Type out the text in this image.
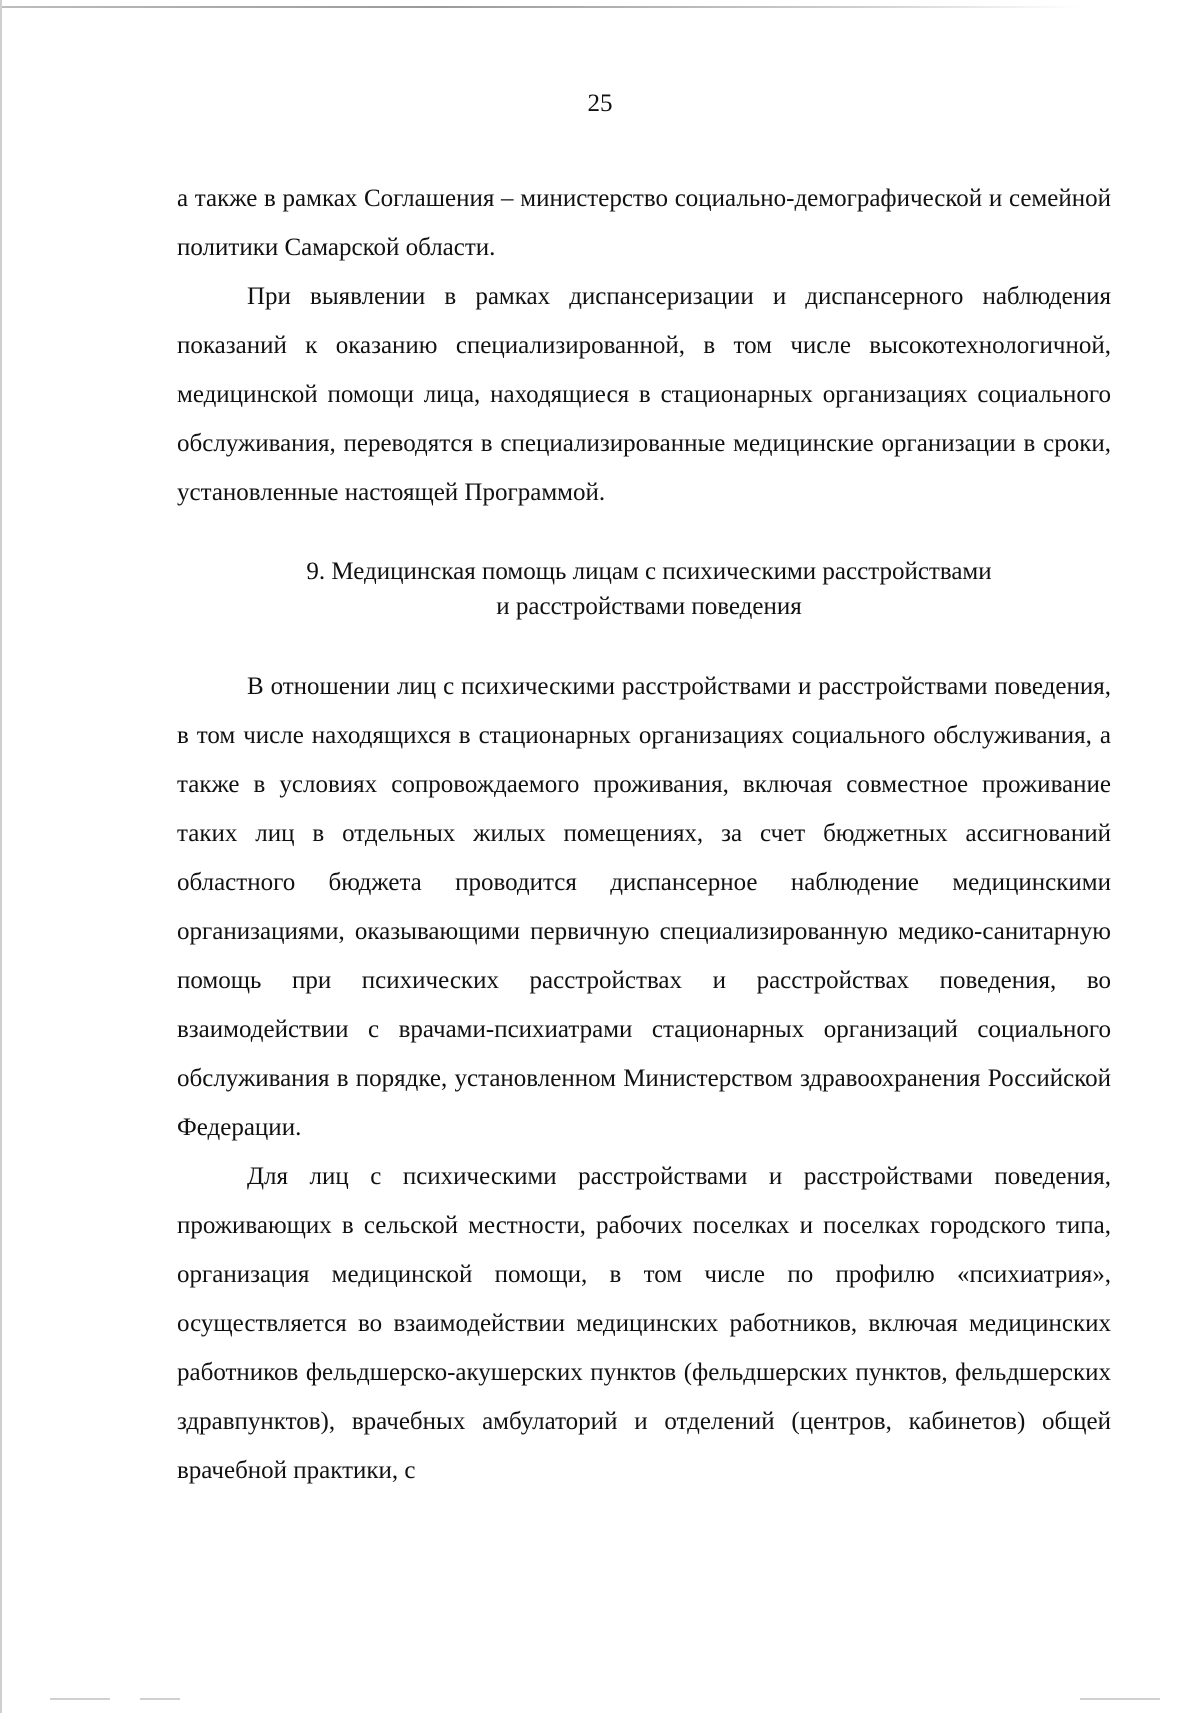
25

а также в рамках Соглашения – министерство социально-демографической и семейной политики Самарской области.

При выявлении в рамках диспансеризации и диспансерного наблюдения показаний к оказанию специализированной, в том числе высокотехнологичной, медицинской помощи лица, находящиеся в стационарных организациях социального обслуживания, переводятся в специализированные медицинские организации в сроки, установленные настоящей Программой.

9. Медицинская помощь лицам с психическими расстройствами
и расстройствами поведения

В отношении лиц с психическими расстройствами и расстройствами поведения, в том числе находящихся в стационарных организациях социального обслуживания, а также в условиях сопровождаемого проживания, включая совместное проживание таких лиц в отдельных жилых помещениях, за счет бюджетных ассигнований областного бюджета проводится диспансерное наблюдение медицинскими организациями, оказывающими первичную специализированную медико-санитарную помощь при психических расстройствах и расстройствах поведения, во взаимодействии с врачами-психиатрами стационарных организаций социального обслуживания в порядке, установленном Министерством здравоохранения Российской Федерации.

Для лиц с психическими расстройствами и расстройствами поведения, проживающих в сельской местности, рабочих поселках и поселках городского типа, организация медицинской помощи, в том числе по профилю «психиатрия», осуществляется во взаимодействии медицинских работников, включая медицинских работников фельдшерско-акушерских пунктов (фельдшерских пунктов, фельдшерских здравпунктов), врачебных амбулаторий и отделений (центров, кабинетов) общей врачебной практики, с
